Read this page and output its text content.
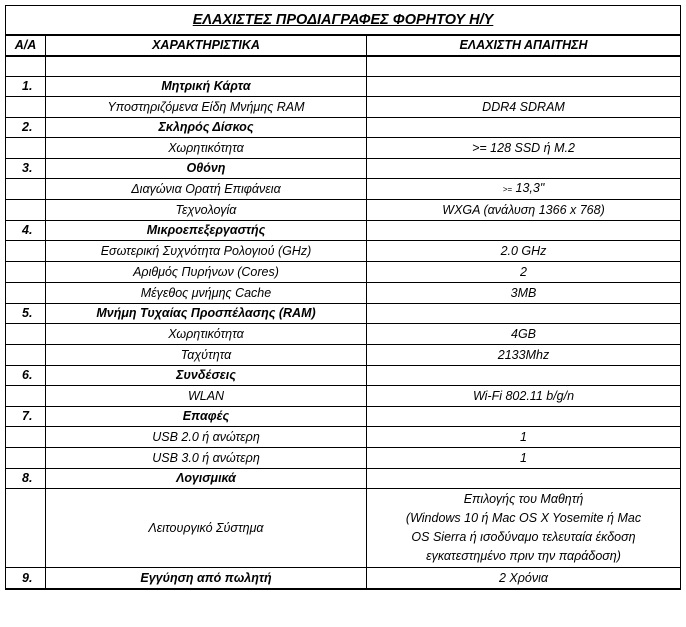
ΕΛΑΧΙΣΤΕΣ ΠΡΟΔΙΑΓΡΑΦΕΣ ΦΟΡΗΤΟΥ Η/Υ		
Α/Α	ΧΑΡΑΚΤΗΡΙΣΤΙΚΑ	ΕΛΑΧΙΣΤΗ ΑΠΑΙΤΗΣΗ

1.	Μητρική Κάρτα	
	Υποστηριζόμενα Είδη Μνήμης RAM	DDR4 SDRAM
2.	Σκληρός Δίσκος	
	Χωρητικότητα	>= 128 SSD ή M.2
3.	Οθόνη	
	Διαγώνια Ορατή Επιφάνεια	>= 13,3"
	Τεχνολογία	WXGA (ανάλυση 1366 x 768)
4.	Μικροεπεξεργαστής	
	Εσωτερική Συχνότητα Ρολογιού (GHz)	2.0 GHz
	Αριθμός Πυρήνων (Cores)	2
	Μέγεθος μνήμης Cache	3MB
5.	Μνήμη Τυχαίας Προσπέλασης (RAM)	
	Χωρητικότητα	4GB
	Ταχύτητα	2133Mhz
6.	Συνδέσεις	
	WLAN	Wi-Fi 802.11 b/g/n
7.	Επαφές	
	USB 2.0 ή ανώτερη	1
	USB 3.0 ή ανώτερη	1
8.	Λογισμικά	
	Λειτουργικό Σύστημα	Επιλογής του Μαθητή
(Windows 10 ή Mac OS X Yosemite ή Mac
OS Sierra ή ισοδύναμο τελευταία έκδοση
εγκατεστημένο πριν την παράδοση)

9.	Εγγύηση από πωλητή	2 Χρόνια
